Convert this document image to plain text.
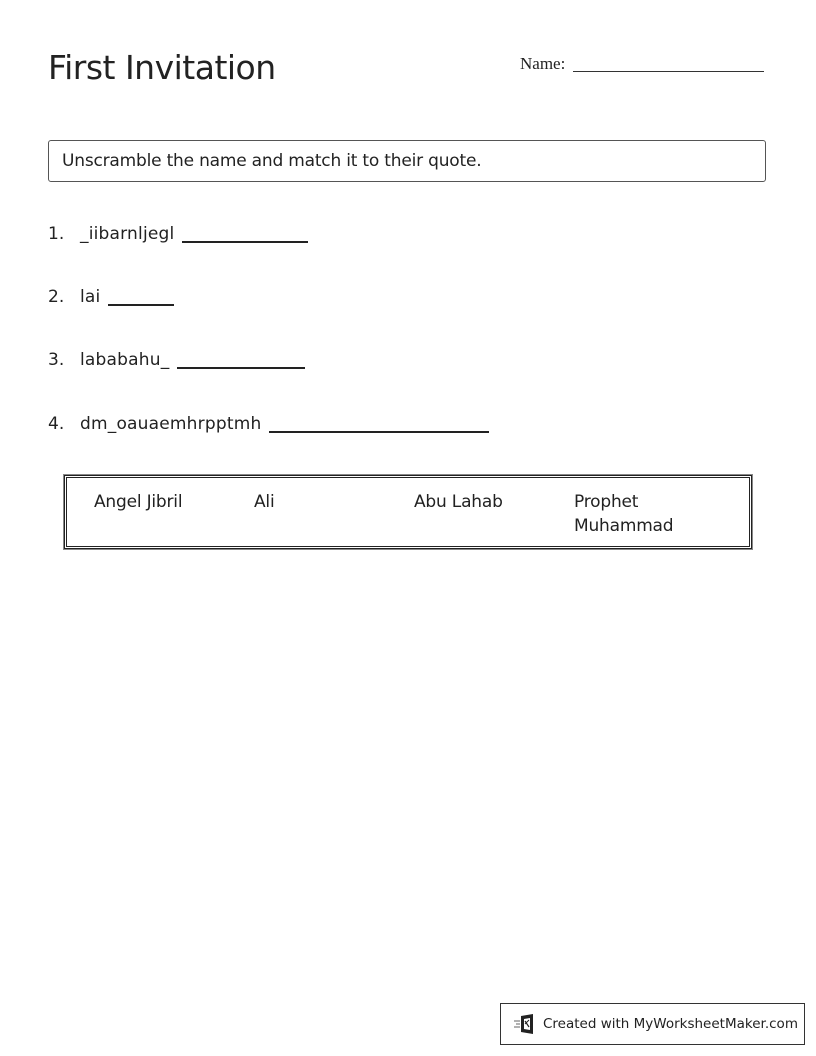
First Invitation	Name:
Unscramble the name and match it to their quote.
1. _iibarnljegl
2. lai
3. lababahu_
4. dm_oauaemhrpptmh
Angel Jibril	Ali	Abu Lahab	Prophet
Muhammad
Created with MyWorksheetMaker.com
